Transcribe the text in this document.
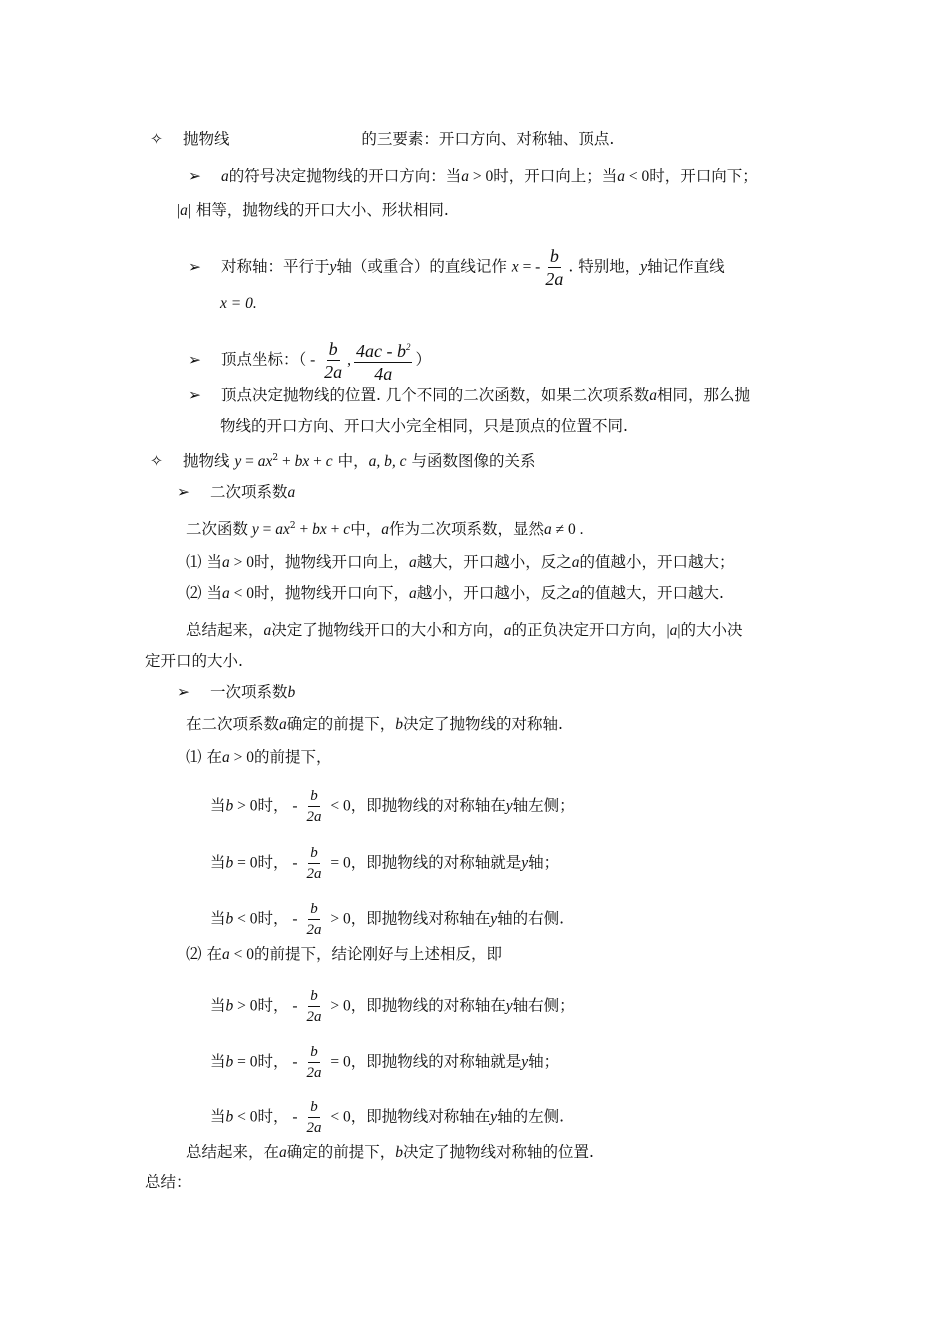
✧ 抛物线	的三要素：开口方向、对称轴、顶点.
➢ a的符号决定抛物线的开口方向：当a > 0时，开口向上；当a < 0时，开口向下；
|a| 相等，抛物线的开口大小、形状相同.
➢ 对称轴：平行于y轴（或重合）的直线记作 x = - $\frac{b}{2a}$ . 特别地，y轴记作直线
x = 0.
➢ 顶点坐标：（ - $\frac{b}{2a}$ , $\frac{4ac - b^2}{4a}$ ）
➢ 顶点决定抛物线的位置. 几个不同的二次函数，如果二次项系数a相同，那么抛
物线的开口方向、开口大小完全相同，只是顶点的位置不同.
✧ 抛物线 $y = ax^2$ + bx + c 中，a, b, c 与函数图像的关系
➢ 二次项系数a
二次函数 $y = ax^2$ + bx + c中，a作为二次项系数，显然a ≠ 0 .
⑴ 当a > 0时，抛物线开口向上，a越大，开口越小，反之a的值越小，开口越大；
⑵ 当a < 0时，抛物线开口向下，a越小，开口越小，反之a的值越大，开口越大.
总结起来，a决定了抛物线开口的大小和方向，a的正负决定开口方向，|a|的大小决
定开口的大小.
➢ 一次项系数b
在二次项系数a确定的前提下，b决定了抛物线的对称轴.
⑴ 在a > 0的前提下，
当b > 0时， - $\frac{b}{2a} < 0$，即抛物线的对称轴在y轴左侧；
当b = 0时， - $\frac{b}{2a} = 0$，即抛物线的对称轴就是y轴；
当b < 0时， - $\frac{b}{2a} > 0$，即抛物线对称轴在y轴的右侧.
⑵ 在a < 0的前提下，结论刚好与上述相反，即
当b > 0时， - $\frac{b}{2a} > 0$，即抛物线的对称轴在y轴右侧；
当b = 0时， - $\frac{b}{2a} = 0$，即抛物线的对称轴就是y轴；
当b < 0时， - $\frac{b}{2a} < 0$，即抛物线对称轴在y轴的左侧.
总结起来，在a确定的前提下，b决定了抛物线对称轴的位置.
总结：
